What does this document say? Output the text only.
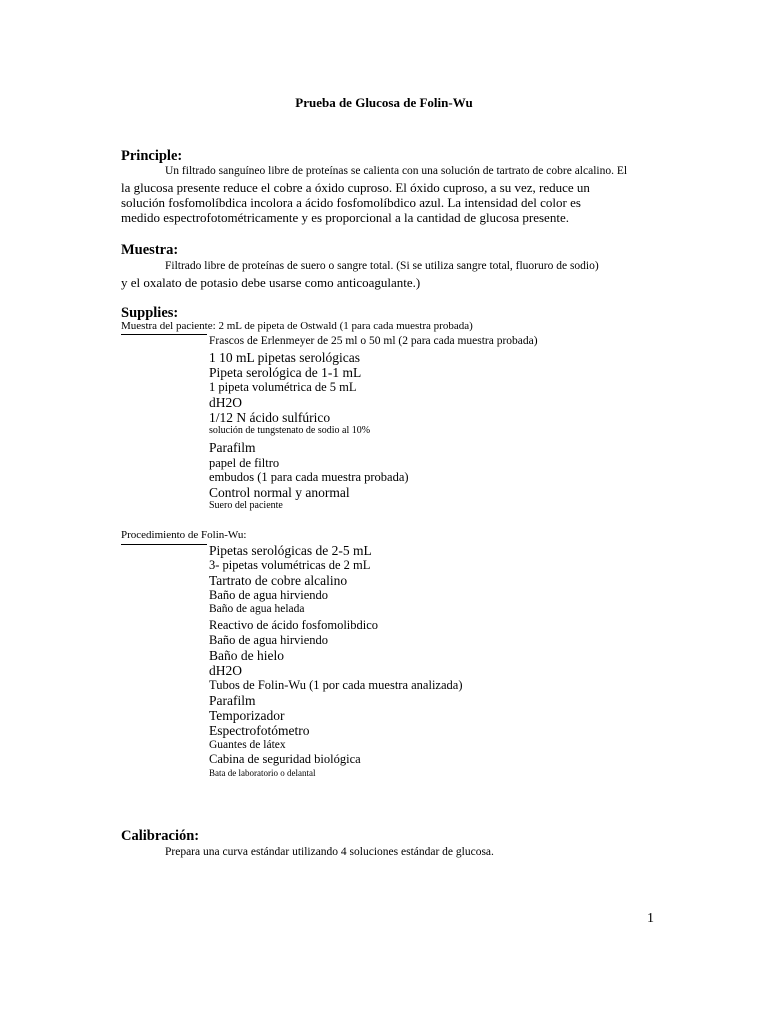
Prueba de Glucosa de Folin-Wu
Principle:
Un filtrado sanguíneo libre de proteínas se calienta con una solución de tartrato de cobre alcalino. El
la glucosa presente reduce el cobre a óxido cuproso. El óxido cuproso, a su vez, reduce un
solución fosfomolíbdica incolora a ácido fosfomolíbdico azul. La intensidad del color es
medido espectrofotométricamente y es proporcional a la cantidad de glucosa presente.
Muestra:
Filtrado libre de proteínas de suero o sangre total. (Si se utiliza sangre total, fluoruro de sodio)
y el oxalato de potasio debe usarse como anticoagulante.)
Supplies:
Muestra del paciente: 2 mL de pipeta de Ostwald (1 para cada muestra probada)
Frascos de Erlenmeyer de 25 ml o 50 ml (2 para cada muestra probada)
1 10 mL pipetas serológicas
Pipeta serológica de 1-1 mL
1 pipeta volumétrica de 5 mL
dH2O
1/12 N ácido sulfúrico
solución de tungstenato de sodio al 10%
Parafilm
papel de filtro
embudos (1 para cada muestra probada)
Control normal y anormal
Suero del paciente
Procedimiento de Folin-Wu:
Pipetas serológicas de 2-5 mL
3- pipetas volumétricas de 2 mL
Tartrato de cobre alcalino
Baño de agua hirviendo
Baño de agua helada
Reactivo de ácido fosfomolibdico
Baño de agua hirviendo
Baño de hielo
dH2O
Tubos de Folin-Wu (1 por cada muestra analizada)
Parafilm
Temporizador
Espectrofotómetro
Guantes de látex
Cabina de seguridad biológica
Bata de laboratorio o delantal
Calibración:
Prepara una curva estándar utilizando 4 soluciones estándar de glucosa.
1
